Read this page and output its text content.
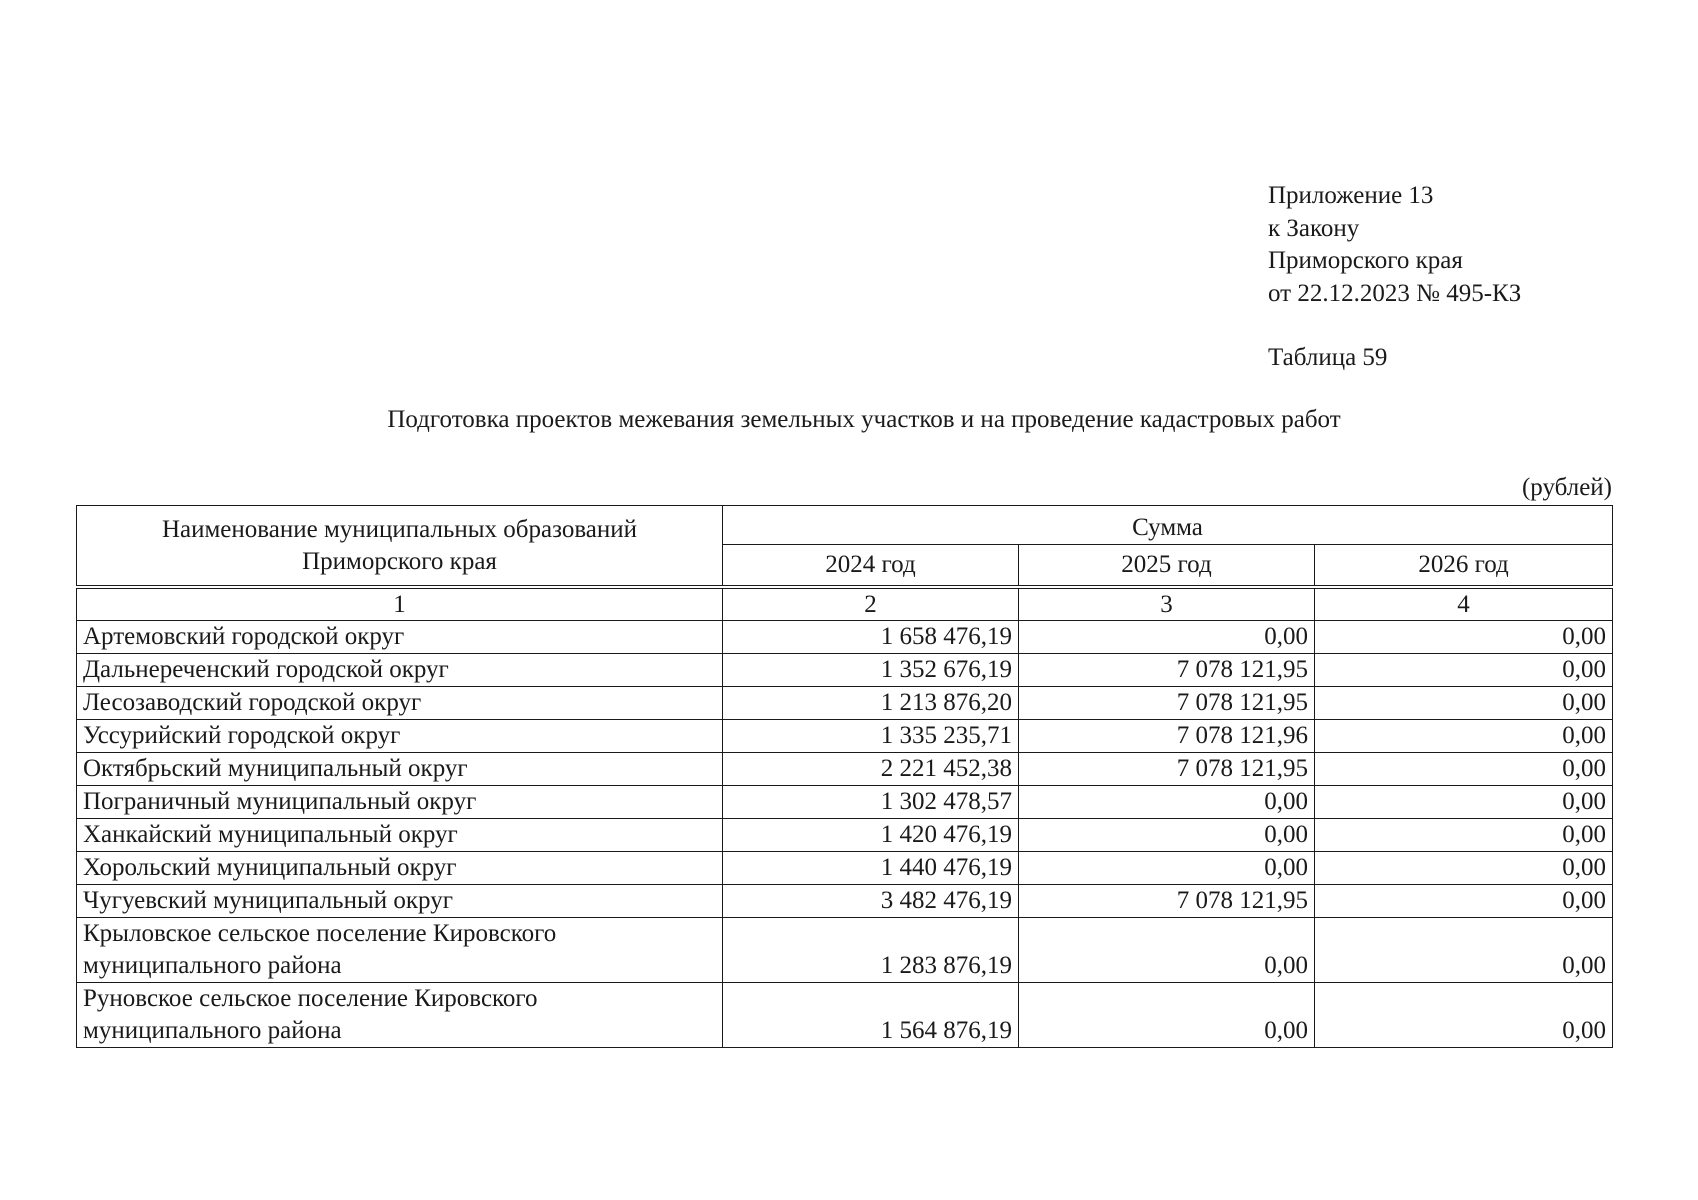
Приложение 13
к Закону
Приморского края
от 22.12.2023 № 495-КЗ
Таблица 59
Подготовка проектов межевания земельных участков и на проведение кадастровых работ
(рублей)
Наименование муниципальных образований
Приморского края	Сумма		
	2024 год	2025 год	2026 год

1	2	3	4
Артемовский городской округ	1 658 476,19	0,00	0,00
Дальнереченский городской округ	1 352 676,19	7 078 121,95	0,00
Лесозаводский городской округ	1 213 876,20	7 078 121,95	0,00
Уссурийский городской округ	1 335 235,71	7 078 121,96	0,00
Октябрьский муниципальный округ	2 221 452,38	7 078 121,95	0,00
Пограничный муниципальный округ	1 302 478,57	0,00	0,00
Ханкайский муниципальный округ	1 420 476,19	0,00	0,00
Хорольский муниципальный округ	1 440 476,19	0,00	0,00
Чугуевский муниципальный округ	3 482 476,19	7 078 121,95	0,00

Крыловское сельское поселение Кировского
муниципального района	1 283 876,19	0,00	0,00

Руновское сельское поселение Кировского
муниципального района	1 564 876,19	0,00	0,00
